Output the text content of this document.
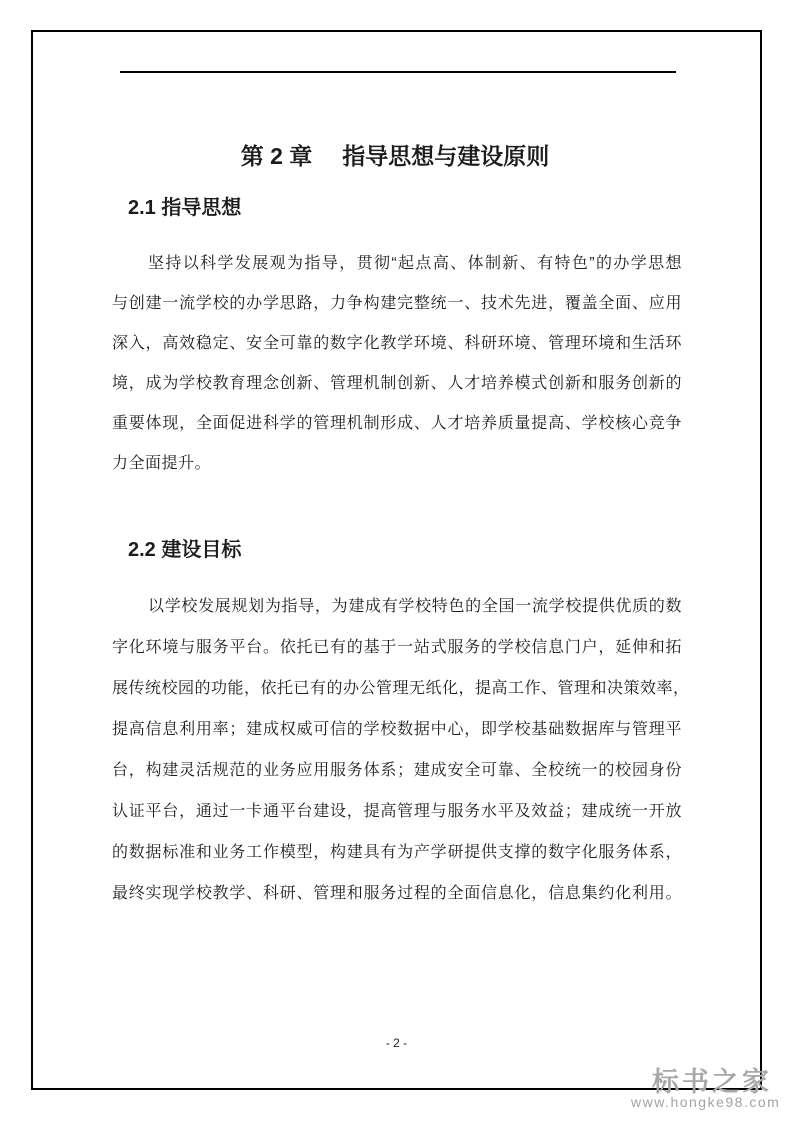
第 2 章 指导思想与建设原则
2.1 指导思想
坚持以科学发展观为指导，贯彻“起点高、体制新、有特色”的办学思想
与创建一流学校的办学思路，力争构建完整统一、技术先进，覆盖全面、应用
深入，高效稳定、安全可靠的数字化教学环境、科研环境、管理环境和生活环
境，成为学校教育理念创新、管理机制创新、人才培养模式创新和服务创新的
重要体现，全面促进科学的管理机制形成、人才培养质量提高、学校核心竞争
力全面提升。
2.2 建设目标
以学校发展规划为指导，为建成有学校特色的全国一流学校提供优质的数
字化环境与服务平台。依托已有的基于一站式服务的学校信息门户，延伸和拓
展传统校园的功能，依托已有的办公管理无纸化，提高工作、管理和决策效率，
提高信息利用率；建成权威可信的学校数据中心，即学校基础数据库与管理平
台，构建灵活规范的业务应用服务体系；建成安全可靠、全校统一的校园身份
认证平台，通过一卡通平台建设，提高管理与服务水平及效益；建成统一开放
的数据标准和业务工作模型，构建具有为产学研提供支撑的数字化服务体系，
最终实现学校教学、科研、管理和服务过程的全面信息化，信息集约化利用。
- 2 -
标书之家
www.hongke98.com
